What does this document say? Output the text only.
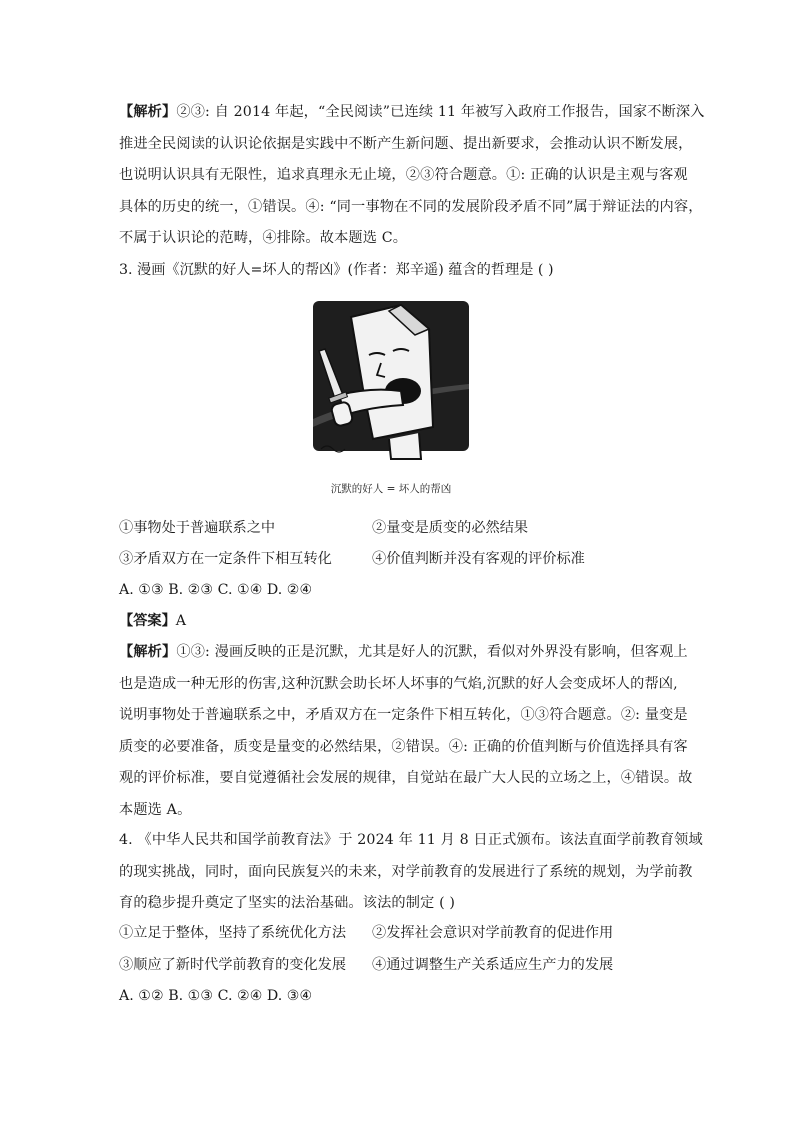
【解析】②③: 自 2014 年起，“全民阅读”已连续 11 年被写入政府工作报告，国家不断深入
推进全民阅读的认识论依据是实践中不断产生新问题、提出新要求，会推动认识不断发展，
也说明认识具有无限性，追求真理永无止境，②③符合题意。①: 正确的认识是主观与客观
具体的历史的统一，①错误。④: “同一事物在不同的发展阶段矛盾不同”属于辩证法的内容，
不属于认识论的范畴，④排除。故本题选 C。
3. 漫画《沉默的好人=坏人的帮凶》(作者：郑辛遥) 蕴含的哲理是 ( )
沉默的好人 = 坏人的帮凶
①事物处于普遍联系之中	②量变是质变的必然结果
③矛盾双方在一定条件下相互转化	④价值判断并没有客观的评价标准
A. ①③ B. ②③ C. ①④ D. ②④
【答案】A
【解析】①③: 漫画反映的正是沉默，尤其是好人的沉默，看似对外界没有影响，但客观上
也是造成一种无形的伤害,这种沉默会助长坏人坏事的气焰,沉默的好人会变成坏人的帮凶,
说明事物处于普遍联系之中，矛盾双方在一定条件下相互转化，①③符合题意。②: 量变是
质变的必要准备，质变是量变的必然结果，②错误。④: 正确的价值判断与价值选择具有客
观的评价标准，要自觉遵循社会发展的规律，自觉站在最广大人民的立场之上，④错误。故
本题选 A。
4. 《中华人民共和国学前教育法》于 2024 年 11 月 8 日正式颁布。该法直面学前教育领域
的现实挑战，同时，面向民族复兴的未来，对学前教育的发展进行了系统的规划，为学前教
育的稳步提升奠定了坚实的法治基础。该法的制定 ( )
①立足于整体，坚持了系统优化方法 ②发挥社会意识对学前教育的促进作用
③顺应了新时代学前教育的变化发展 ④通过调整生产关系适应生产力的发展
A. ①② B. ①③ C. ②④ D. ③④
